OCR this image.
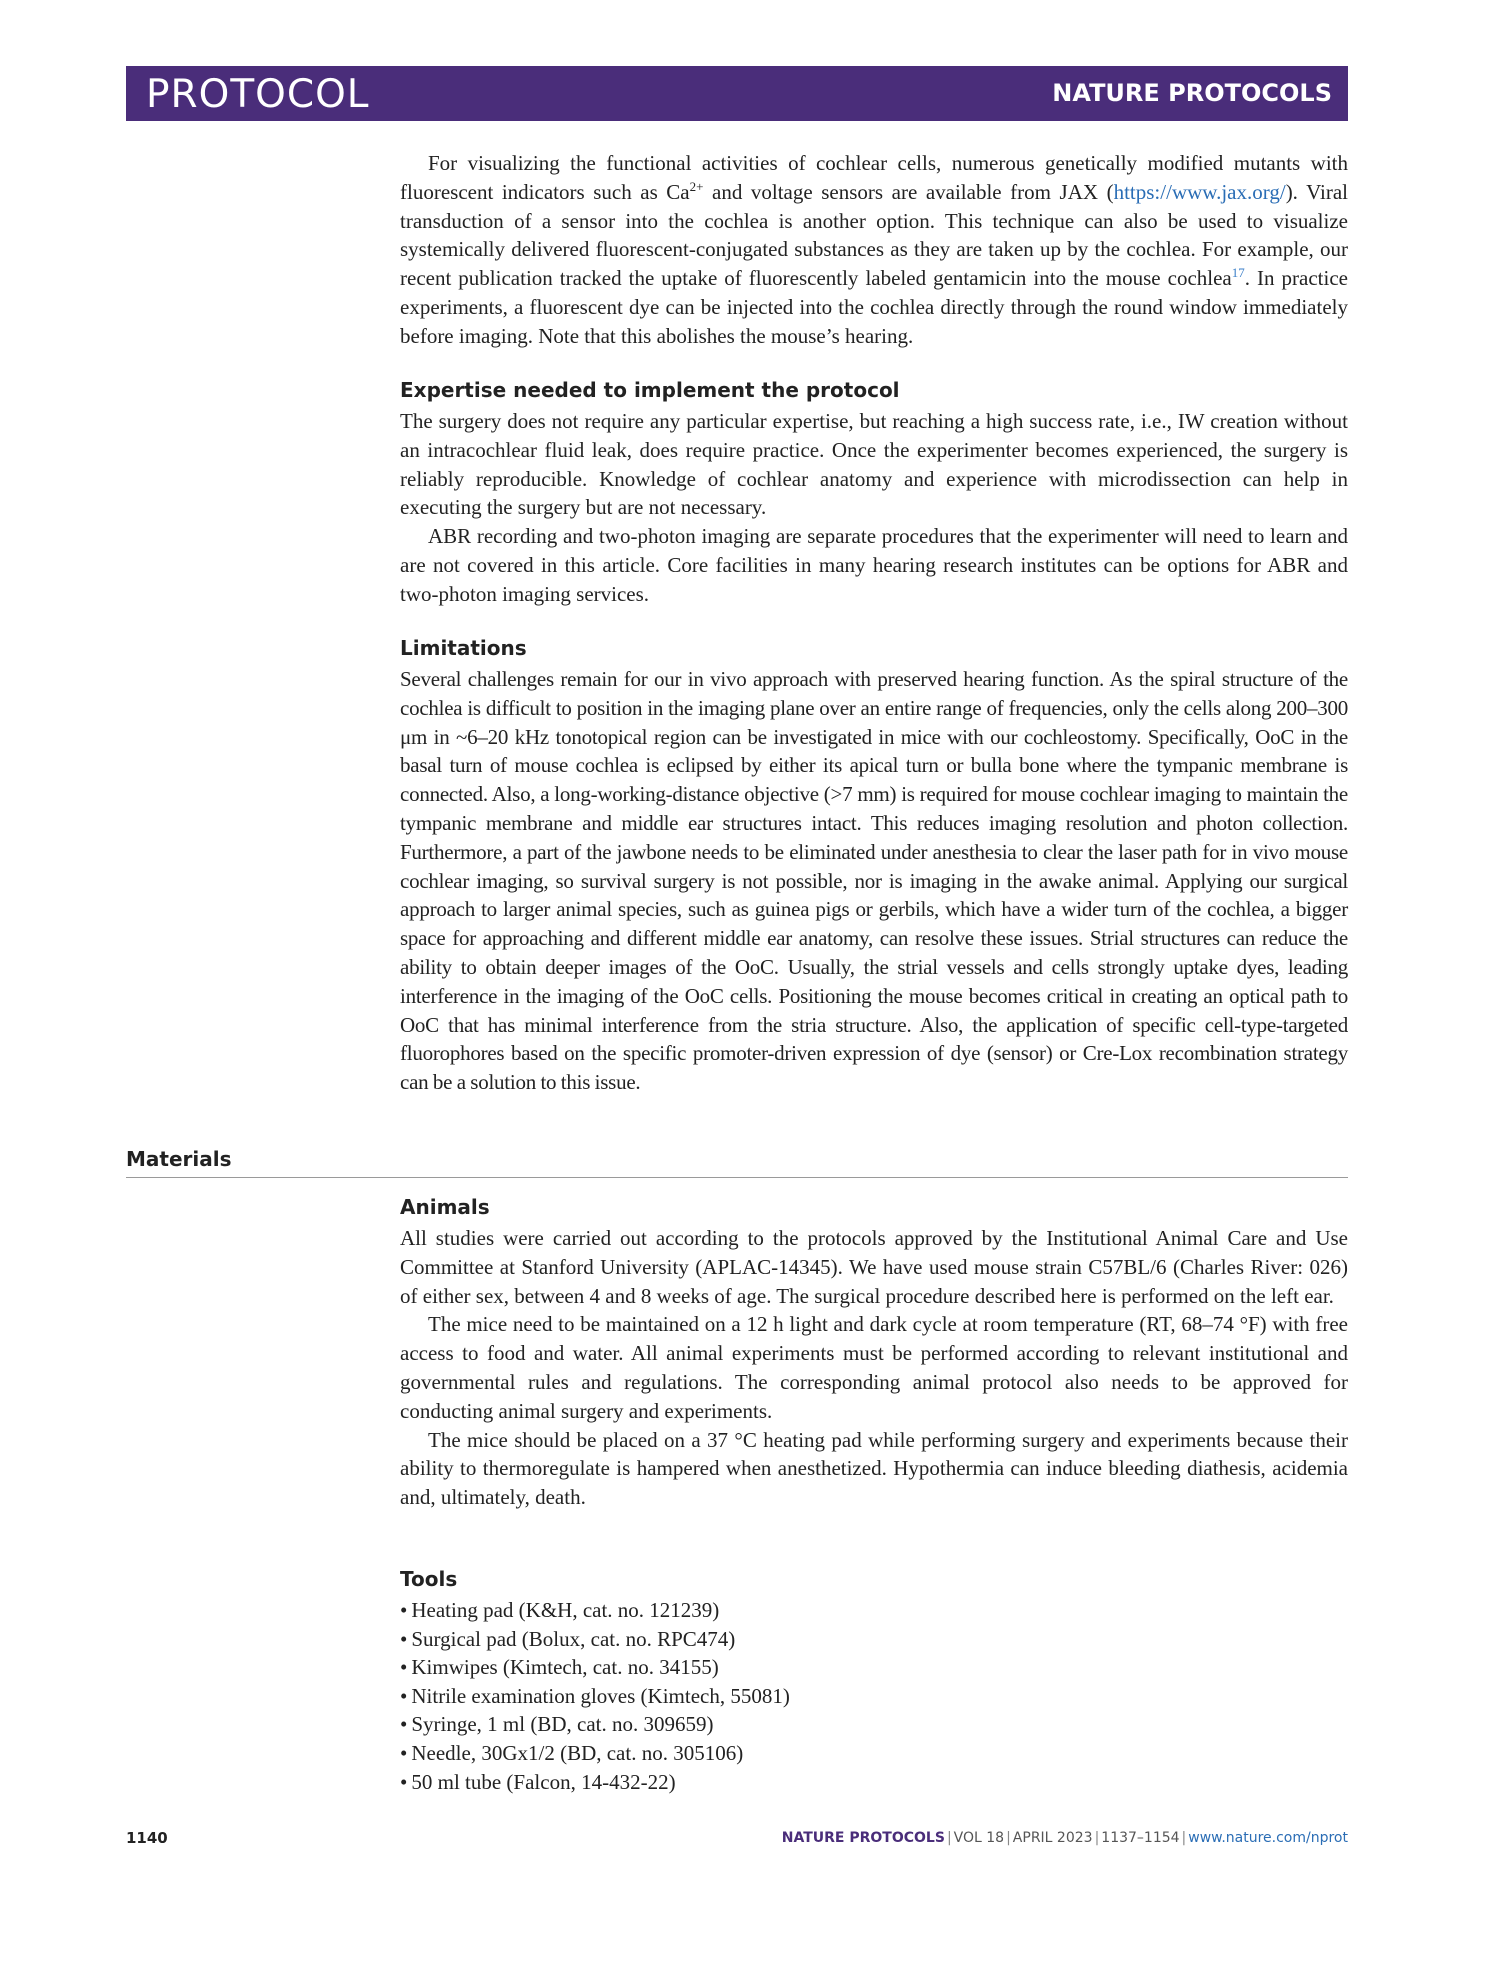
PROTOCOL	NATURE PROTOCOLS

For visualizing the functional activities of cochlear cells, numerous genetically modified mutants with fluorescent indicators such as $Ca^{2+}$ and voltage sensors are available from JAX (https://www.jax.org/). Viral transduction of a sensor into the cochlea is another option. This technique can also be used to visualize systemically delivered fluorescent-conjugated substances as they are taken up by the cochlea. For example, our recent publication tracked the uptake of fluorescently labeled gentamicin into the mouse cochlea$^{17}$. In practice experiments, a fluorescent dye can be injected into the cochlea directly through the round window immediately before imaging. Note that this abolishes the mouse’s hearing.

Expertise needed to implement the protocol

The surgery does not require any particular expertise, but reaching a high success rate, i.e., IW creation without an intracochlear fluid leak, does require practice. Once the experimenter becomes experienced, the surgery is reliably reproducible. Knowledge of cochlear anatomy and experience with microdissection can help in executing the surgery but are not necessary.

ABR recording and two-photon imaging are separate procedures that the experimenter will need to learn and are not covered in this article. Core facilities in many hearing research institutes can be options for ABR and two-photon imaging services.

Limitations

Several challenges remain for our in vivo approach with preserved hearing function. As the spiral structure of the cochlea is difficult to position in the imaging plane over an entire range of frequencies, only the cells along 200–300 μm in ~6–20 kHz tonotopical region can be investigated in mice with our cochleostomy. Specifically, OoC in the basal turn of mouse cochlea is eclipsed by either its apical turn or bulla bone where the tympanic membrane is connected. Also, a long-working-distance objective (>7 mm) is required for mouse cochlear imaging to maintain the tympanic membrane and middle ear structures intact. This reduces imaging resolution and photon collection. Furthermore, a part of the jawbone needs to be eliminated under anesthesia to clear the laser path for in vivo mouse cochlear imaging, so survival surgery is not possible, nor is imaging in the awake animal. Applying our surgical approach to larger animal species, such as guinea pigs or gerbils, which have a wider turn of the cochlea, a bigger space for approaching and different middle ear anatomy, can resolve these issues. Strial structures can reduce the ability to obtain deeper images of the OoC. Usually, the strial vessels and cells strongly uptake dyes, leading interference in the imaging of the OoC cells. Positioning the mouse becomes critical in creating an optical path to OoC that has minimal interference from the stria structure. Also, the application of specific cell-type-targeted fluorophores based on the specific promoter-driven expression of dye (sensor) or Cre-Lox recombination strategy can be a solution to this issue.

Materials
Animals

All studies were carried out according to the protocols approved by the Institutional Animal Care and Use Committee at Stanford University (APLAC-14345). We have used mouse strain C57BL/6 (Charles River: 026) of either sex, between 4 and 8 weeks of age. The surgical procedure described here is performed on the left ear.

The mice need to be maintained on a 12 h light and dark cycle at room temperature (RT, 68–74 °F) with free access to food and water. All animal experiments must be performed according to relevant institutional and governmental rules and regulations. The corresponding animal protocol also needs to be approved for conducting animal surgery and experiments.

The mice should be placed on a 37 °C heating pad while performing surgery and experiments because their ability to thermoregulate is hampered when anesthetized. Hypothermia can induce bleeding diathesis, acidemia and, ultimately, death.

Tools
• Heating pad (K&H, cat. no. 121239)
• Surgical pad (Bolux, cat. no. RPC474)
• Kimwipes (Kimtech, cat. no. 34155)
• Nitrile examination gloves (Kimtech, 55081)
• Syringe, 1 ml (BD, cat. no. 309659)
• Needle, 30Gx1/2 (BD, cat. no. 305106)
• 50 ml tube (Falcon, 14-432-22)
1140	NATURE PROTOCOLS | VOL 18 | APRIL 2023 | 1137–1154 | www.nature.com/nprot
